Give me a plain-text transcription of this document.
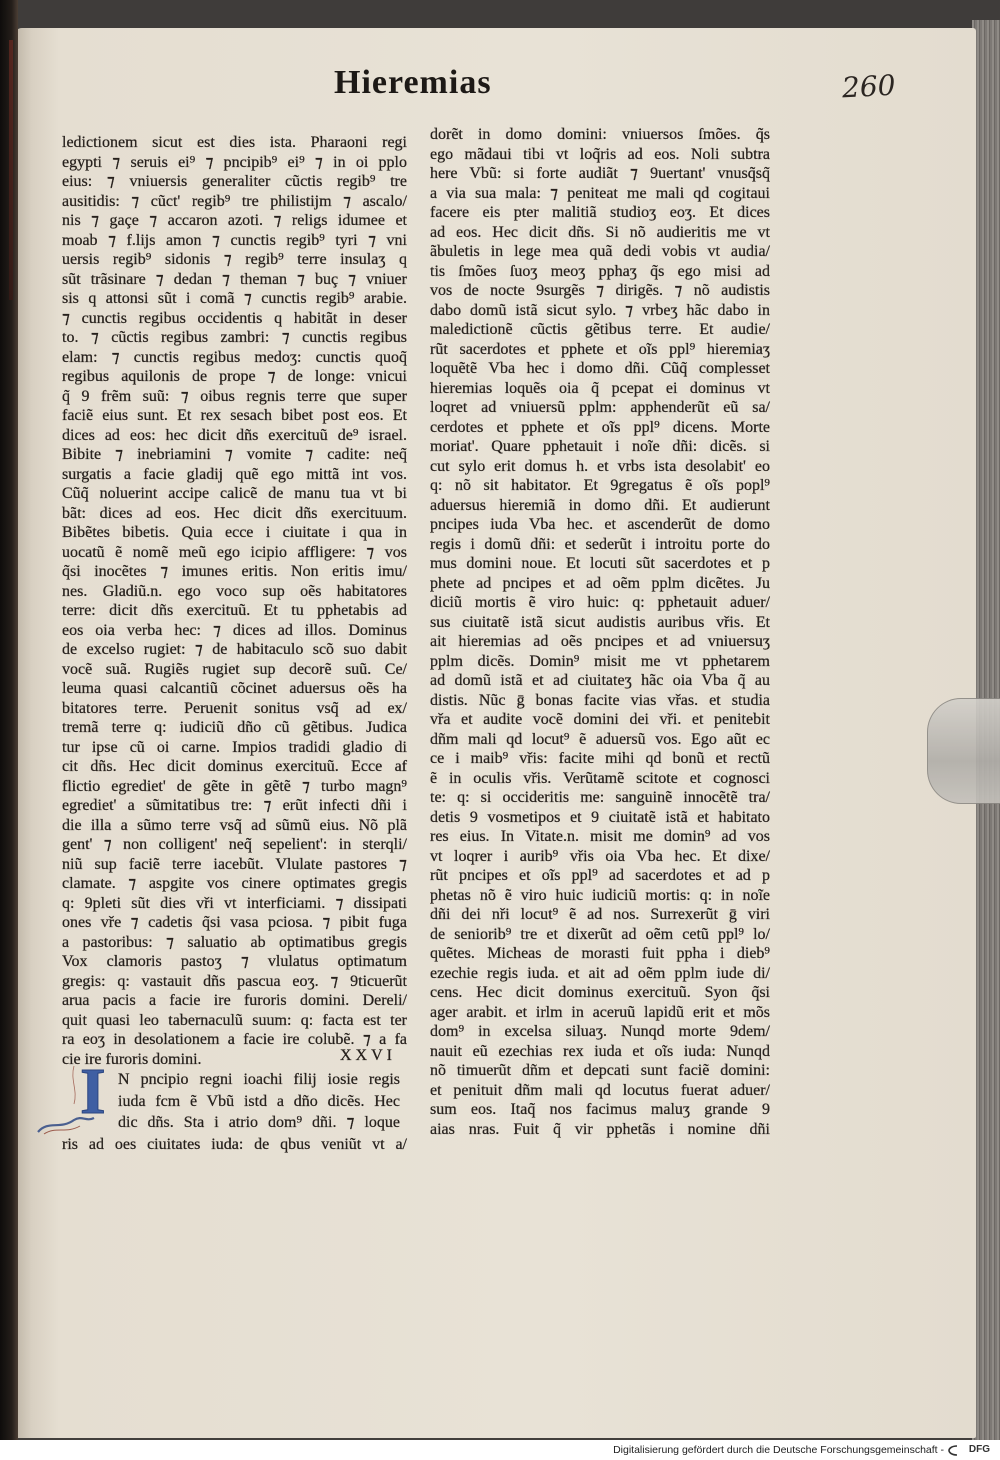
Hieremias	260
ledictionem sicut est dies ista. Pharaoni regi
egypti ⁊ seruis ei⁹ ⁊ pncipib⁹ ei⁹ ⁊ in oi pplo
eius: ⁊ vniuersis generaliter cũctis regib⁹ tre
ausitidis: ⁊ cũct' regib⁹ tre philistijm ⁊ ascalo/
nis ⁊ gaçe ⁊ accaron azoti. ⁊ religs idumee et
moab ⁊ f.lijs amon ⁊ cunctis regib⁹ tyri ⁊ vni
uersis regib⁹ sidonis ⁊ regib⁹ terre insulaʒ q
sũt trãsinare ⁊ dedan ⁊ theman ⁊ buç ⁊ vniuer
sis q attonsi sũt i comã ⁊ cunctis regib⁹ arabie.
⁊ cunctis regibus occidentis q habitãt in deser
to. ⁊ cũctis regibus zambri: ⁊ cunctis regibus
elam: ⁊ cunctis regibus medoʒ: cunctis quoq̃
regibus aquilonis de prope ⁊ de longe: vnicui
q̃ 9 frẽm suũ: ⁊ oibus regnis terre que super
faciẽ eius sunt. Et rex sesach bibet post eos. Et
dices ad eos: hec dicit dñs exercituũ de⁹ israel.
Bibite ⁊ inebriamini ⁊ vomite ⁊ cadite: neq̃
surgatis a facie gladij quẽ ego mittã int vos.
Cũq̃ noluerint accipe calicẽ de manu tua vt bi
bãt: dices ad eos. Hec dicit dñs exercituum.
Bibẽtes bibetis. Quia ecce i ciuitate i qua in
uocatũ ẽ nomẽ meũ ego icipio affligere: ⁊ vos
q̃si inocẽtes ⁊ imunes eritis. Non eritis imu/
nes. Gladiũ.n. ego voco sup oẽs habitatores
terre: dicit dñs exercituũ. Et tu pphetabis ad
eos oia verba hec: ⁊ dices ad illos. Dominus
de excelso rugiet: ⁊ de habitaculo scõ suo dabit
vocẽ suã. Rugiẽs rugiet sup decorẽ suũ. Ce/
leuma quasi calcantiũ cõcinet aduersus oẽs ha
bitatores terre. Peruenit sonitus vsq̃ ad ex/
tremã terre q: iudiciũ dño cũ gẽtibus. Judica
tur ipse cũ oi carne. Impios tradidi gladio di
cit dñs. Hec dicit dominus exercituũ. Ecce af
flictio egrediet' de gẽte in gẽtẽ ⁊ turbo magn⁹
egrediet' a sũmitatibus tre: ⁊ erũt infecti dñi i
die illa a sũmo terre vsq̃ ad sũmũ eius. Nõ plã
gent' ⁊ non colligent' neq̃ sepelient': in sterqli/
niũ sup faciẽ terre iacebũt. Vlulate pastores ⁊
clamate. ⁊ aspgite vos cinere optimates gregis
q: 9pleti sũt dies vři vt interficiami. ⁊ dissipati
ones vře ⁊ cadetis q̃si vasa pciosa. ⁊ pibit fuga
a pastoribus: ⁊ saluatio ab optimatibus gregis
Vox clamoris pastoʒ ⁊ vlulatus optimatum
gregis: q: vastauit dñs pascua eoʒ. ⁊ 9ticuerũt
arua pacis a facie ire furoris domini. Dereli/
quit quasi leo tabernaculũ suum: q: facta est ter
ra eoʒ in desolationem a facie ire colubẽ. ⁊ a fa
cie ire furoris domini.
N pncipio regni ioachi filij iosie regis
iuda fcm ẽ Vbũ istd a dño dicẽs. Hec
dic dñs. Sta i atrio dom⁹ dñi. ⁊ loque
ris ad oes ciuitates iuda: de qbus veniũt vt a/
dorẽt in domo domini: vniuersos ſmões. q̃s
ego mãdaui tibi vt loq̃ris ad eos. Noli subtra
here Vbũ: si forte audiãt ⁊ 9uertant' vnusq̃sq̃
a via sua mala: ⁊ peniteat me mali qd cogitaui
facere eis pter malitiã studioʒ eoʒ. Et dices
ad eos. Hec dicit dñs. Si nõ audieritis me vt
ãbuletis in lege mea quã dedi vobis vt audia/
tis ſmões ſuoʒ meoʒ pphaʒ q̃s ego misi ad
vos de nocte 9surgẽs ⁊ dirigẽs. ⁊ nõ audistis
dabo domũ istã sicut sylo. ⁊ vrbeʒ hãc dabo in
maledictionẽ cũctis gẽtibus terre. Et audie/
rũt sacerdotes et pphete et oĩs ppl⁹ hieremiaʒ
loquẽtẽ Vba hec i domo dñi. Cũq̃ complesset
hieremias loquẽs oia q̃ pcepat ei dominus vt
loqret ad vniuersũ pplm: apphenderũt eũ sa/
cerdotes et pphete et oĩs ppl⁹ dicens. Morte
moriat'. Quare pphetauit i noĩe dñi: dicẽs. si
cut sylo erit domus h. et vrbs ista desolabit' eo
q: nõ sit habitator. Et 9gregatus ẽ oĩs popl⁹
aduersus hieremiã in domo dñi. Et audierunt
pncipes iuda Vba hec. et ascenderũt de domo
regis i domũ dñi: et sederũt i introitu porte do
mus domini noue. Et locuti sũt sacerdotes et p
phete ad pncipes et ad oẽm pplm dicẽtes. Ju
diciũ mortis ẽ viro huic: q: pphetauit aduer/
sus ciuitatẽ istã sicut audistis auribus vřis. Et
ait hieremias ad oẽs pncipes et ad vniuersuʒ
pplm dicẽs. Domin⁹ misit me vt pphetarem
ad domũ istã et ad ciuitateʒ hãc oia Vba q̃ au
distis. Nũc ḡ bonas facite vias vřas. et studia
vřa et audite vocẽ domini dei vři. et penitebit
dñm mali qd locut⁹ ẽ aduersũ vos. Ego aũt ec
ce i maib⁹ vřis: facite mihi qd bonũ et rectũ
ẽ in oculis vřis. Verũtamẽ scitote et cognosci
te: q: si occideritis me: sanguinẽ innocẽtẽ tra/
detis 9 vosmetipos et 9 ciuitatẽ istã et habitato
res eius. In Vitate.n. misit me domin⁹ ad vos
vt loqrer i aurib⁹ vřis oia Vba hec. Et dixe/
rũt pncipes et oĩs ppl⁹ ad sacerdotes et ad p
phetas nõ ẽ viro huic iudiciũ mortis: q: in noĩe
dñi dei nři locut⁹ ẽ ad nos. Surrexerũt ḡ viri
de seniorib⁹ tre et dixerũt ad oẽm cetũ ppl⁹ lo/
quẽtes. Micheas de morasti fuit ppha i dieb⁹
ezechie regis iuda. et ait ad oẽm pplm iude di/
cens. Hec dicit dominus exercituũ. Syon q̃si
ager arabit. et irlm in aceruũ lapidũ erit et mõs
dom⁹ in excelsa siluaʒ. Nunqd morte 9dem/
nauit eũ ezechias rex iuda et oĩs iuda: Nunqd
nõ timuerũt dñm et depcati sunt faciẽ domini:
et penituit dñm mali qd locutus fuerat aduer/
sum eos. Itaq̃ nos facimus maluʒ grande 9
aias nras. Fuit q̃ vir pphetãs i nomine dñi
XXVI
I
Digitalisierung gefördert durch die Deutsche Forschungsgemeinschaft - DFG
